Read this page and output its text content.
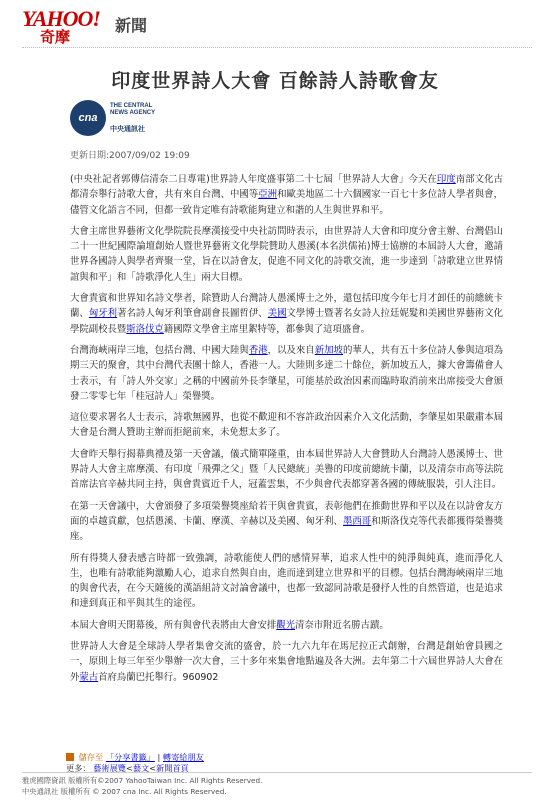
YAHOO!
奇摩
新聞
印度世界詩人大會 百餘詩人詩歌會友
cna
THE CENTRAL
NEWS AGENCY
中央通訊社
更新日期:2007/09/02 19:09

(中央社記者郭傳信清奈二日專電)世界詩人年度盛事第二十七屆「世界詩人大會」今天在印度南部文化古都清奈舉行詩歌大會，共有來自台灣、中國等亞洲和歐美地區二十六個國家一百七十多位詩人學者與會，儘管文化語言不同，但都一致肯定唯有詩歌能夠建立和諧的人生與世界和平。

大會主席世界藝術文化學院院長摩漢接受中央社訪問時表示，由世界詩人大會和印度分會主辦、台灣倡山二十一世紀國際論壇創始人暨世界藝術文化學院贊助人愚溪(本名洪儒祐)博士協辦的本屆詩人大會，邀請世界各國詩人與學者齊聚一堂，旨在以詩會友，促進不同文化的詩歌交流，進一步達到「詩歌建立世界情誼與和平」和「詩歌淨化人生」兩大目標。

大會貴賓和世界知名詩文學者，除贊助人台灣詩人愚溪博士之外，還包括印度今年七月才卸任的前總統卡蘭、匈牙利著名詩人匈牙利筆會副會長圖哲伊、美國文學博士暨著名女詩人拉廷妮髮和美國世界藝術文化學院副校長暨斯洛伐克籍國際文學會主席里絮特等，都參與了這項盛會。

台灣海峽兩岸三地，包括台灣、中國大陸與香港，以及來自新加坡的華人，共有五十多位詩人參與這項為期三天的聚會，其中台灣代表團十餘人，香港一人。大陸則多達二十餘位，新加坡五人，據大會籌備會人士表示，有「詩人外交家」之稱的中國前外長李肇星，可能基於政治因素而臨時取消前來出席接受大會頒發二零零七年「桂冠詩人」榮譽獎。

這位要求署名人士表示，詩歌無國界，也從不歡迎和不容許政治因素介入文化活動，李肇星如果嚴肅本屆大會是台灣人贊助主辦而拒絕前來，未免想太多了。

大會昨天舉行揭幕典禮及第一天會議，儀式簡單隆重，由本屆世界詩人大會贊助人台灣詩人愚溪博士、世界詩人大會主席摩漢、有印度「飛彈之父」暨「人民總統」美譽的印度前總統卡蘭，以及清奈市高等法院首席法官辛赫共同主持，與會貴賓近千人，冠蓋雲集，不少與會代表都穿著各國的傳統服裝，引人注目。

在第一天會議中，大會頒發了多項榮譽獎座給若干與會貴賓，表彰他們在推動世界和平以及在以詩會友方面的卓越貢獻，包括愚溪、卡蘭、摩漢、辛赫以及美國、匈牙利、墨西哥和斯洛伐克等代表都獲得榮譽獎座。

所有得獎人發表感言時都一致強調，詩歌能使人們的感情昇華，追求人性中的純淨與純真，進而淨化人生，也唯有詩歌能夠激勵人心，追求自然與自由，進而達到建立世界和平的目標。包括台灣海峽兩岸三地的與會代表，在今天隨後的漢語組詩文討論會議中，也都一致認同詩歌是發抒人性的自然管道，也是追求和達到真正和平與其生的途徑。

本屆大會明天閉幕後，所有與會代表將由大會安排觀光清奈市附近名勝古蹟。

世界詩人大會是全球詩人學者集會交流的盛會，於一九六九年在馬尼拉正式創辦，台灣是創始會員國之一，原則上每三年至少舉辦一次大會，三十多年來集會地點遍及各大洲。去年第二十六屆世界詩人大會在外蒙古首府烏蘭巴托舉行。960902

儲存至 「分享書籤」 | 轉寄給朋友
更多： 藝術展覽<藝文<新聞首頁
雅虎國際資訊 版權所有©2007 YahooTaiwan Inc. All Rights Reserved.
中央通訊社 版權所有 © 2007 cna Inc. All Rights Reserved.
